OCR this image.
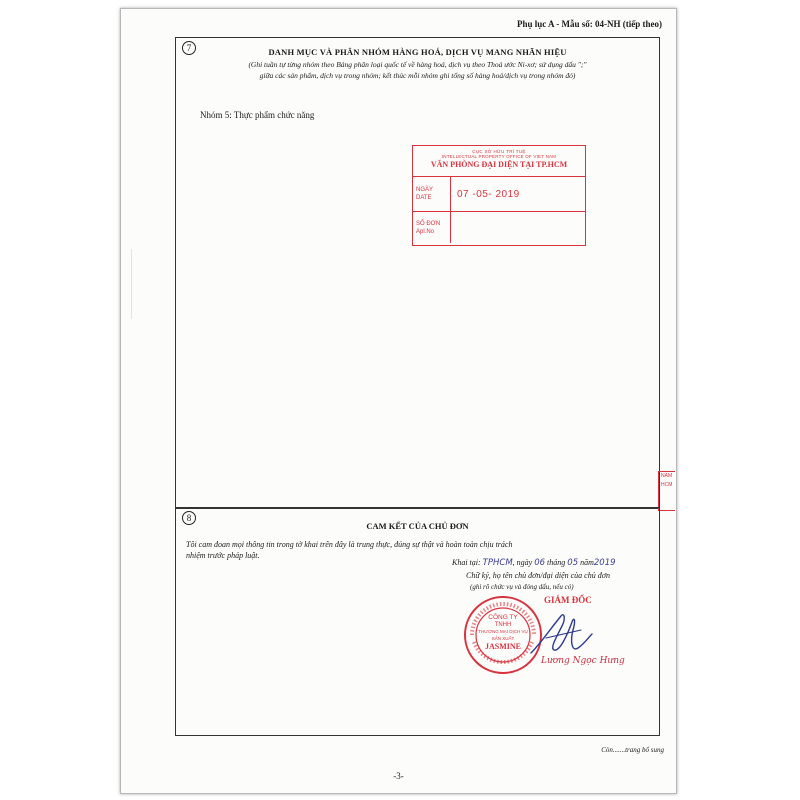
Phụ lục A - Mẫu số: 04-NH (tiếp theo)
7	DANH MỤC VÀ PHÂN NHÓM HÀNG HOÁ, DỊCH VỤ MANG NHÃN HIỆU
(Ghi tuần tự từng nhóm theo Bảng phân loại quốc tế về hàng hoá, dịch vụ theo Thoả ước Ni-xơ; sử dụng dấu ";"
giữa các sản phẩm, dịch vụ trong nhóm; kết thúc mỗi nhóm ghi tổng số hàng hoá/dịch vụ trong nhóm đó)
Nhóm 5: Thực phẩm chức năng
CỤC SỞ HỮU TRÍ TUỆ
INTELLECTUAL PROPERTY OFFICE OF VIET NAM
VĂN PHÒNG ĐẠI DIỆN TẠI TP.HCM
NGÀY
DATE	07 -05- 2019
SỐ ĐƠN
Apl.No
NAM
HCM
8
CAM KẾT CỦA CHỦ ĐƠN
Tôi cam đoan mọi thông tin trong tờ khai trên đây là trung thực, đúng sự thật và hoàn toàn chịu trách
nhiệm trước pháp luật.
Khai tại: TPHCM, ngày 06 tháng 05 năm2019
Chữ ký, họ tên chủ đơn/đại diện của chủ đơn
(ghi rõ chức vụ và đóng dấu, nếu có)
CÔNG TY
TNHH
THƯƠNG MẠI DỊCH VỤ
SẢN XUẤT
JASMINE
GIÁM ĐỐC
Lương Ngọc Hưng
Còn.......trang bổ sung
-3-
